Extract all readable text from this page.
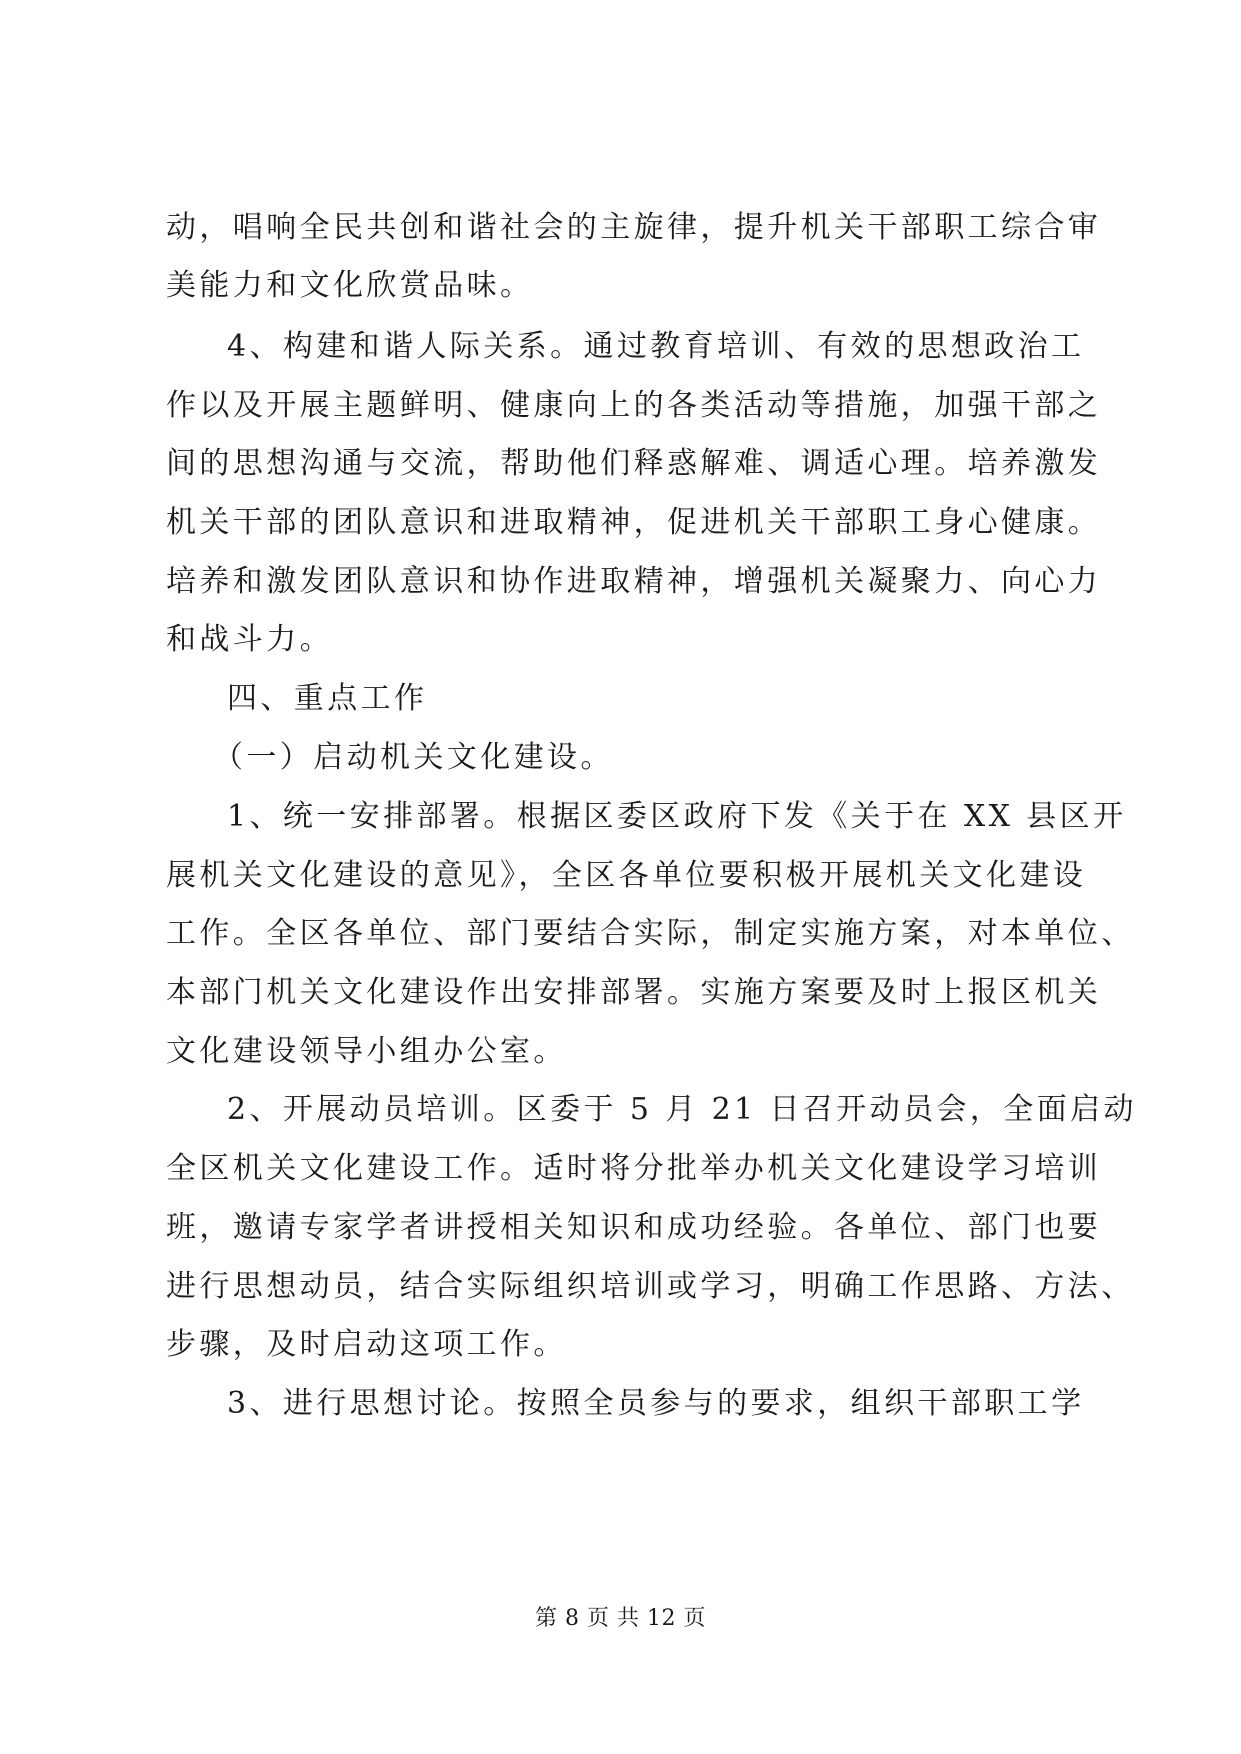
动，唱响全民共创和谐社会的主旋律，提升机关干部职工综合审
美能力和文化欣赏品味。
4、构建和谐人际关系。通过教育培训、有效的思想政治工
作以及开展主题鲜明、健康向上的各类活动等措施，加强干部之
间的思想沟通与交流，帮助他们释惑解难、调适心理。培养激发
机关干部的团队意识和进取精神，促进机关干部职工身心健康。
培养和激发团队意识和协作进取精神，增强机关凝聚力、向心力
和战斗力。
四、重点工作
（一）启动机关文化建设。
1、统一安排部署。根据区委区政府下发《关于在 XX 县区开
展机关文化建设的意见》，全区各单位要积极开展机关文化建设
工作。全区各单位、部门要结合实际，制定实施方案，对本单位、
本部门机关文化建设作出安排部署。实施方案要及时上报区机关
文化建设领导小组办公室。
2、开展动员培训。区委于 5 月 21 日召开动员会，全面启动
全区机关文化建设工作。适时将分批举办机关文化建设学习培训
班，邀请专家学者讲授相关知识和成功经验。各单位、部门也要
进行思想动员，结合实际组织培训或学习，明确工作思路、方法、
步骤，及时启动这项工作。
3、进行思想讨论。按照全员参与的要求，组织干部职工学
第 8 页 共 12 页
